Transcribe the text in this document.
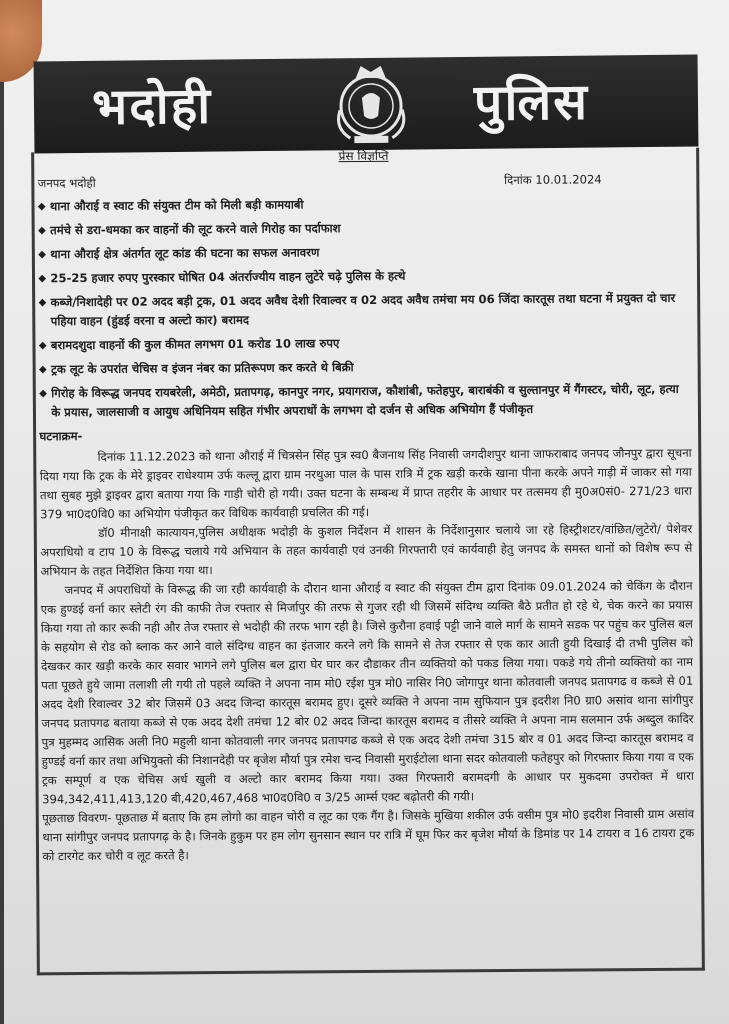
भदोही	पुलिस
प्रेस विज्ञप्ति
जनपद भदोही	दिनांक 10.01.2024
◆ थाना औराई व स्वाट की संयुक्त टीम को मिली बड़ी कामयाबी
◆ तमंचे से डरा-धमका कर वाहनों की लूट करने वाले गिरोह का पर्दाफाश
◆ थाना औराई क्षेत्र अंतर्गत लूट कांड की घटना का सफल अनावरण
◆ 25-25 हजार रुपए पुरस्कार घोषित 04 अंतर्राज्यीय वाहन लुटेरे चढ़े पुलिस के हत्थे
◆ कब्जे/निशादेही पर 02 अदद बड़ी ट्रक, 01 अदद अवैध देशी रिवाल्वर व 02 अदद अवैध तमंचा मय 06 जिंदा कारतूस तथा घटना में प्रयुक्त दो चार पहिया वाहन (हुंडई वरना व अल्टो कार) बरामद
◆ बरामदशुदा वाहनों की कुल कीमत लगभग 01 करोड 10 लाख रुपए
◆ ट्रक लूट के उपरांत चेचिस व इंजन नंबर का प्रतिरूपण कर करते थे बिक्री
◆ गिरोह के विरूद्ध जनपद रायबरेली, अमेठी, प्रतापगढ़, कानपुर नगर, प्रयागराज, कौशांबी, फतेहपुर, बाराबंकी व सुल्तानपुर में गैंगस्टर, चोरी, लूट, हत्या के प्रयास, जालसाजी व आयुध अधिनियम सहित गंभीर अपराधों के लगभग दो दर्जन से अधिक अभियोग हैं पंजीकृत
घटनाक्रम-

दिनांक 11.12.2023 को थाना औराई में चित्रसेन सिंह पुत्र स्व0 बैजनाथ सिंह निवासी जगदीशपुर थाना जाफराबाद जनपद जौनपुर द्वारा सूचना दिया गया कि ट्रक के मेरे ड्राइवर राधेश्याम उर्फ कल्लू द्वारा ग्राम नरथुआ पाल के पास रात्रि में ट्रक खड़ी करके खाना पीना करके अपने गाड़ी में जाकर सो गया तथा सुबह मुझे ड्राइवर द्वारा बताया गया कि गाड़ी चोरी हो गयी। उक्त घटना के सम्बन्ध में प्राप्त तहरीर के आधार पर तत्समय ही मु0अ0सं0- 271/23 धारा 379 भा0द0वि0 का अभियोग पंजीकृत कर विधिक कार्यवाही प्रचलित की गई।

डॉ0 मीनाक्षी कात्यायन,पुलिस अधीक्षक भदोही के कुशल निर्देशन में शासन के निर्देशानुसार चलाये जा रहे हिस्ट्रीशटर/वांछित/लुटेरो/ पेशेवर अपराधियो व टाप 10 के विरूद्ध चलाये गये अभियान के तहत कार्यवाही एवं उनकी गिरफ्तारी एवं कार्यवाही हेतु जनपद के समस्त थानों को विशेष रूप से अभियान के तहत निर्देशित किया गया था।

जनपद में अपराधियों के विरूद्ध की जा रही कार्यवाही के दौरान थाना औराई व स्वाट की संयुक्त टीम द्वारा दिनांक 09.01.2024 को चेकिंग के दौरान एक हुण्डई वर्ना कार स्लेटी रंग की काफी तेज रफ्तार से मिर्जापुर की तरफ से गुजर रही थी जिसमें संदिग्ध व्यक्ति बैठे प्रतीत हो रहे थे, चेक करने का प्रयास किया गया तो कार रूकी नही और तेज रफ्तार से भदोही की तरफ भाग रही है। जिसे कुरौना हवाई पट्टी जाने वाले मार्ग के सामने सडक पर पहुंच कर पुलिस बल के सहयोग से रोड को ब्लाक कर आने वाले संदिग्ध वाहन का इंतजार करने लगे कि सामने से तेज रफ्तार से एक कार आती हुयी दिखाई दी तभी पुलिस को देखकर कार खड़ी करके कार सवार भागने लगे पुलिस बल द्वारा घेर घार कर दौडाकर तीन व्यक्तियो को पकड लिया गया। पकडे गये तीनो व्यक्तियो का नाम पता पूछते हुये जामा तलाशी ली गयी तो पहले व्यक्ति ने अपना नाम मो0 रईश पुत्र मो0 नासिर नि0 जोगापुर थाना कोतवाली जनपद प्रतापगढ व कब्जे से 01 अदद देशी रिवाल्वर 32 बोर जिसमें 03 अदद जिन्दा कारतूस बरामद हुए। दूसरे व्यक्ति ने अपना नाम सुफियान पुत्र इदरीश नि0 ग्रा0 असांव थाना सांगीपुर जनपद प्रतापगढ बताया कब्जे से एक अदद देशी तमंचा 12 बोर 02 अदद जिन्दा कारतूस बरामद व तीसरे व्यक्ति ने अपना नाम सलमान उर्फ अब्दुल कादिर पुत्र मुहम्मद आसिक अली नि0 महुली थाना कोतवाली नगर जनपद प्रतापगढ कब्जे से एक अदद देशी तमंचा 315 बोर व 01 अदद जिन्दा कारतूस बरामद व हुण्डई वर्ना कार तथा अभियुक्तो की निशानदेही पर बृजेश मौर्या पुत्र रमेश चन्द निवासी मुराईटोला थाना सदर कोतवाली फतेहपुर को गिरफ्तार किया गया व एक ट्रक सम्पूर्ण व एक चेचिस अर्ध खुली व अल्टो कार बरामद किया गया। उक्त गिरफ्तारी बरामदगी के आधार पर मुकदमा उपरोक्त में धारा 394,342,411,413,120 बी,420,467,468 भा0द0वि0 व 3/25 आर्म्स एक्ट बढ़ोतरी की गयी।

पूछताछ विवरण- पूछताछ में बताए कि हम लोगो का वाहन चोरी व लूट का एक गैंग है। जिसके मुखिया शकील उर्फ वसीम पुत्र मो0 इदरीश निवासी ग्राम असांव थाना सांगीपुर जनपद प्रतापगढ़ के है। जिनके हुकुम पर हम लोग सुनसान स्थान पर रात्रि में घूम फिर कर बृजेश मौर्या के डिमांड पर 14 टायरा व 16 टायरा ट्रक को टारगेट कर चोरी व लूट करते है।
